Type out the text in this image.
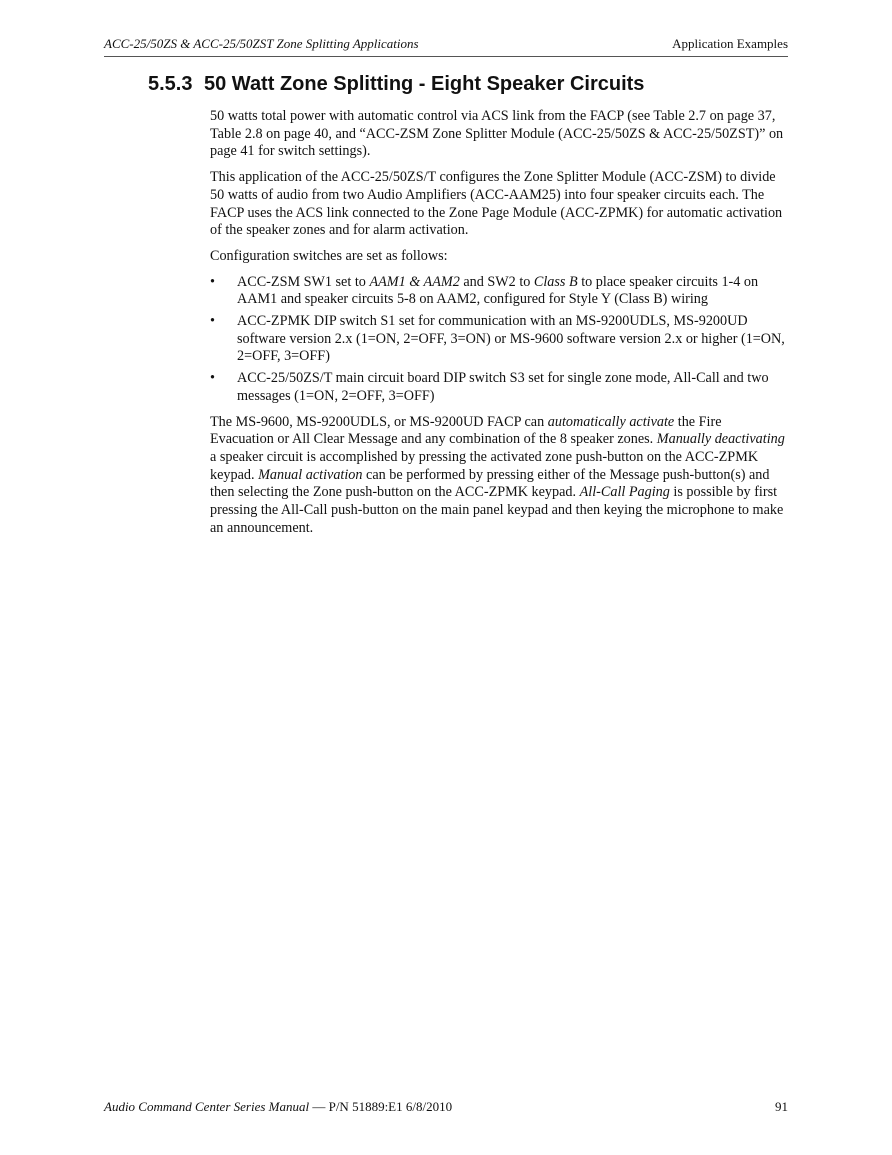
ACC-25/50ZS & ACC-25/50ZST Zone Splitting Applications	Application Examples
5.5.3 50 Watt Zone Splitting - Eight Speaker Circuits

50 watts total power with automatic control via ACS link from the FACP (see Table 2.7 on page 37, Table 2.8 on page 40, and “ACC-ZSM Zone Splitter Module (ACC-25/50ZS & ACC-25/50ZST)” on page 41 for switch settings).

This application of the ACC-25/50ZS/T configures the Zone Splitter Module (ACC-ZSM) to divide 50 watts of audio from two Audio Amplifiers (ACC-AAM25) into four speaker circuits each. The FACP uses the ACS link connected to the Zone Page Module (ACC-ZPMK) for automatic activation of the speaker zones and for alarm activation.

Configuration switches are set as follows:

• ACC-ZSM SW1 set to AAM1 & AAM2 and SW2 to Class B to place speaker circuits 1-4 on AAM1 and speaker circuits 5-8 on AAM2, configured for Style Y (Class B) wiring
• ACC-ZPMK DIP switch S1 set for communication with an MS-9200UDLS, MS-9200UD software version 2.x (1=ON, 2=OFF, 3=ON) or MS-9600 software version 2.x or higher (1=ON, 2=OFF, 3=OFF)
• ACC-25/50ZS/T main circuit board DIP switch S3 set for single zone mode, All-Call and two messages (1=ON, 2=OFF, 3=OFF)

The MS-9600, MS-9200UDLS, or MS-9200UD FACP can automatically activate the Fire Evacuation or All Clear Message and any combination of the 8 speaker zones. Manually deactivating a speaker circuit is accomplished by pressing the activated zone push-button on the ACC-ZPMK keypad. Manual activation can be performed by pressing either of the Message push-button(s) and then selecting the Zone push-button on the ACC-ZPMK keypad. All-Call Paging is possible by first pressing the All-Call push-button on the main panel keypad and then keying the microphone to make an announcement.

Audio Command Center Series Manual — P/N 51889:E1 6/8/2010	91
